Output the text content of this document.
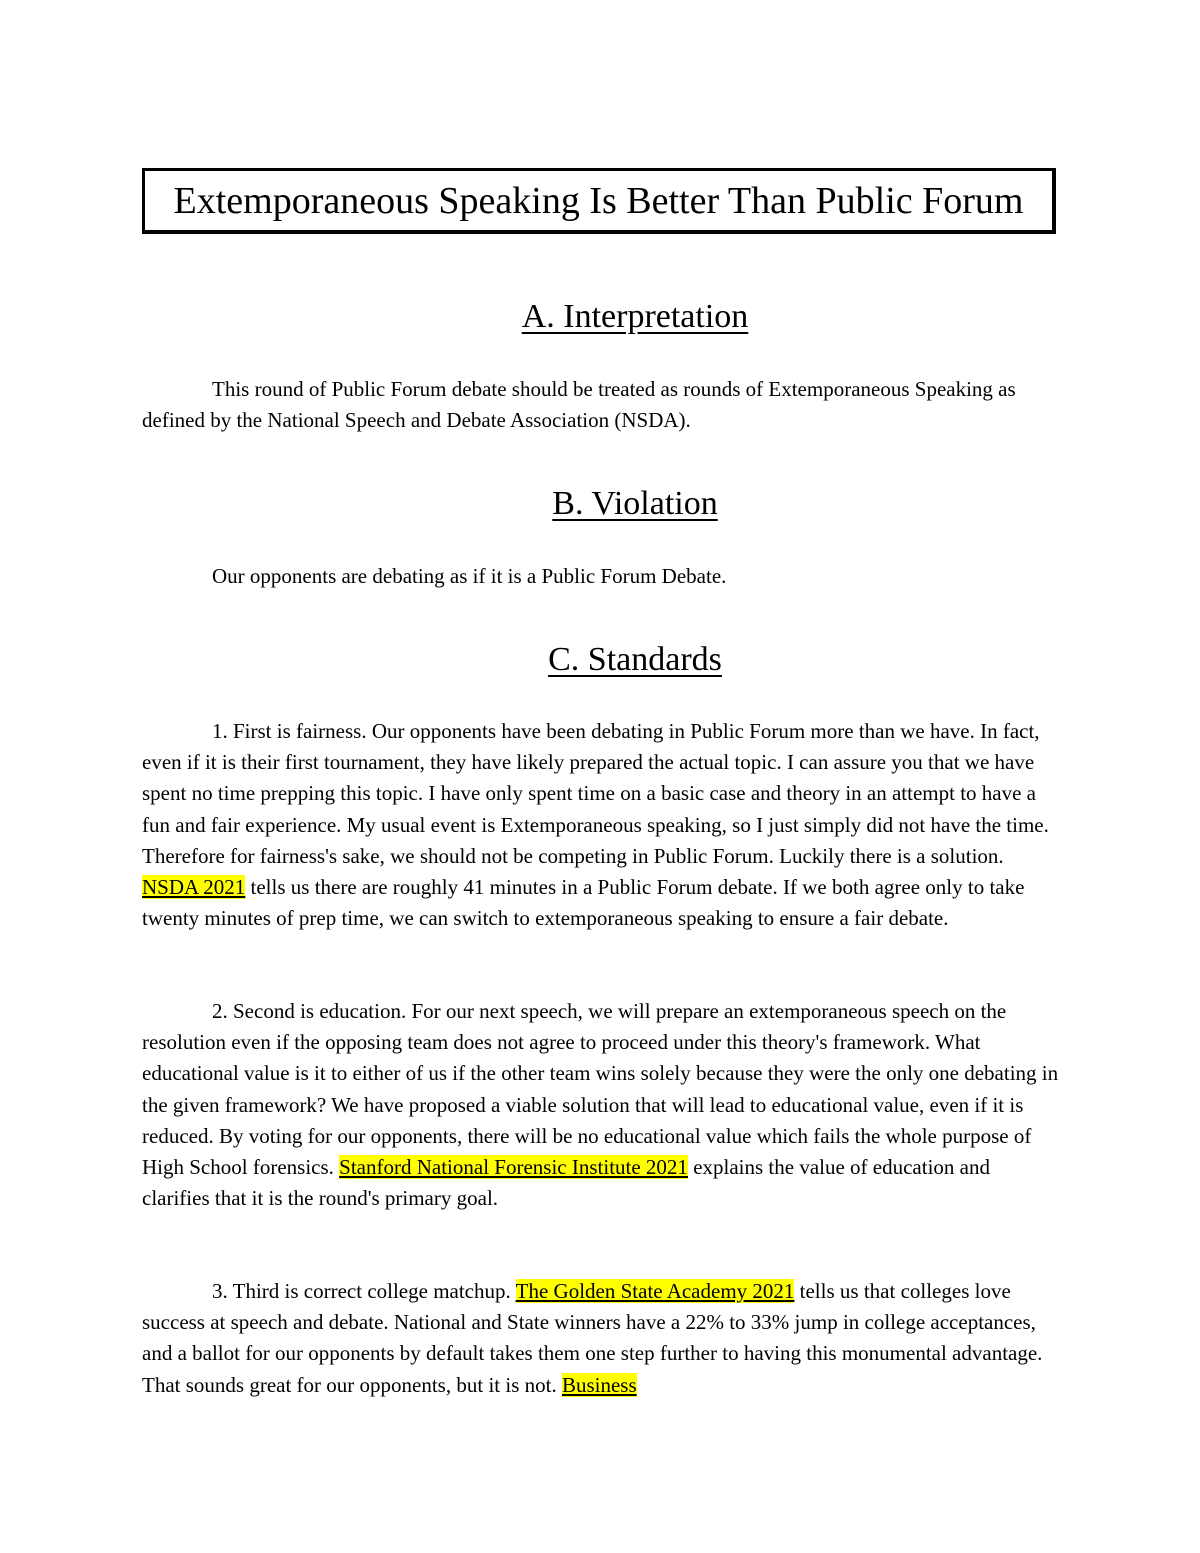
Extemporaneous Speaking Is Better Than Public Forum
A. Interpretation

This round of Public Forum debate should be treated as rounds of Extemporaneous Speaking as defined by the National Speech and Debate Association (NSDA).

B. Violation

Our opponents are debating as if it is a Public Forum Debate.

C. Standards

1. First is fairness. Our opponents have been debating in Public Forum more than we have. In fact, even if it is their first tournament, they have likely prepared the actual topic. I can assure you that we have spent no time prepping this topic. I have only spent time on a basic case and theory in an attempt to have a fun and fair experience. My usual event is Extemporaneous speaking, so I just simply did not have the time. Therefore for fairness's sake, we should not be competing in Public Forum. Luckily there is a solution. NSDA 2021 tells us there are roughly 41 minutes in a Public Forum debate. If we both agree only to take twenty minutes of prep time, we can switch to extemporaneous speaking to ensure a fair debate.

2. Second is education. For our next speech, we will prepare an extemporaneous speech on the resolution even if the opposing team does not agree to proceed under this theory's framework. What educational value is it to either of us if the other team wins solely because they were the only one debating in the given framework? We have proposed a viable solution that will lead to educational value, even if it is reduced. By voting for our opponents, there will be no educational value which fails the whole purpose of High School forensics. Stanford National Forensic Institute 2021 explains the value of education and clarifies that it is the round's primary goal.

3. Third is correct college matchup. The Golden State Academy 2021 tells us that colleges love success at speech and debate. National and State winners have a 22% to 33% jump in college acceptances, and a ballot for our opponents by default takes them one step further to having this monumental advantage. That sounds great for our opponents, but it is not. Business
